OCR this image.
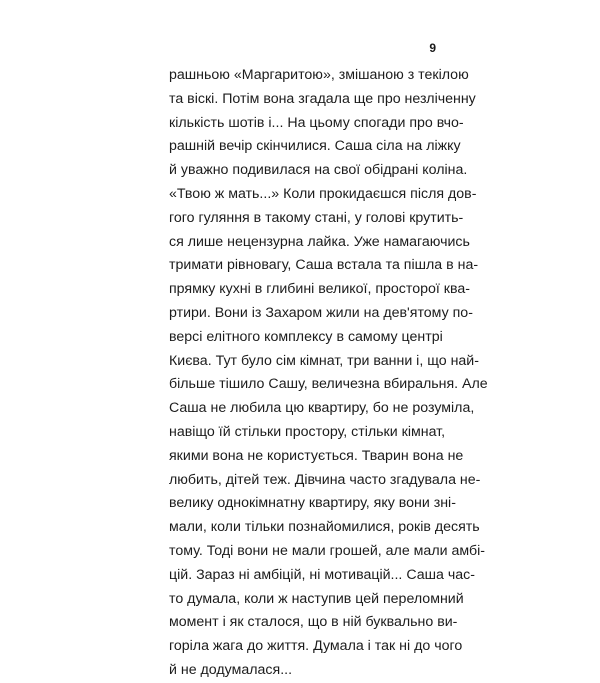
9
рашньою «Маргаритою», змішаною з текілою
та віскі. Потім вона згадала ще про незліченну
кількість шотів і... На цьому спогади про вчо-
рашній вечір скінчилися. Саша сіла на ліжку
й уважно подивилася на свої обідрані коліна.
«Твою ж мать...» Коли прокидаєшся після дов-
гого гуляння в такому стані, у голові крутить-
ся лише нецензурна лайка. Уже намагаючись
тримати рівновагу, Саша встала та пішла в на-
прямку кухні в глибині великої, просторої ква-
ртири. Вони із Захаром жили на дев'ятому по-
версі елітного комплексу в самому центрі
Києва. Тут було сім кімнат, три ванни і, що най-
більше тішило Сашу, величезна вбиральня. Але
Саша не любила цю квартиру, бо не розуміла,
навіщо їй стільки простору, стільки кімнат,
якими вона не користується. Тварин вона не
любить, дітей теж. Дівчина часто згадувала не-
велику однокімнатну квартиру, яку вони зні-
мали, коли тільки познайомилися, років десять
тому. Тоді вони не мали грошей, але мали амбі-
цій. Зараз ні амбіцій, ні мотивацій... Саша час-
то думала, коли ж наступив цей переломний
момент і як сталося, що в ній буквально ви-
горіла жага до життя. Думала і так ні до чого
й не додумалася...
